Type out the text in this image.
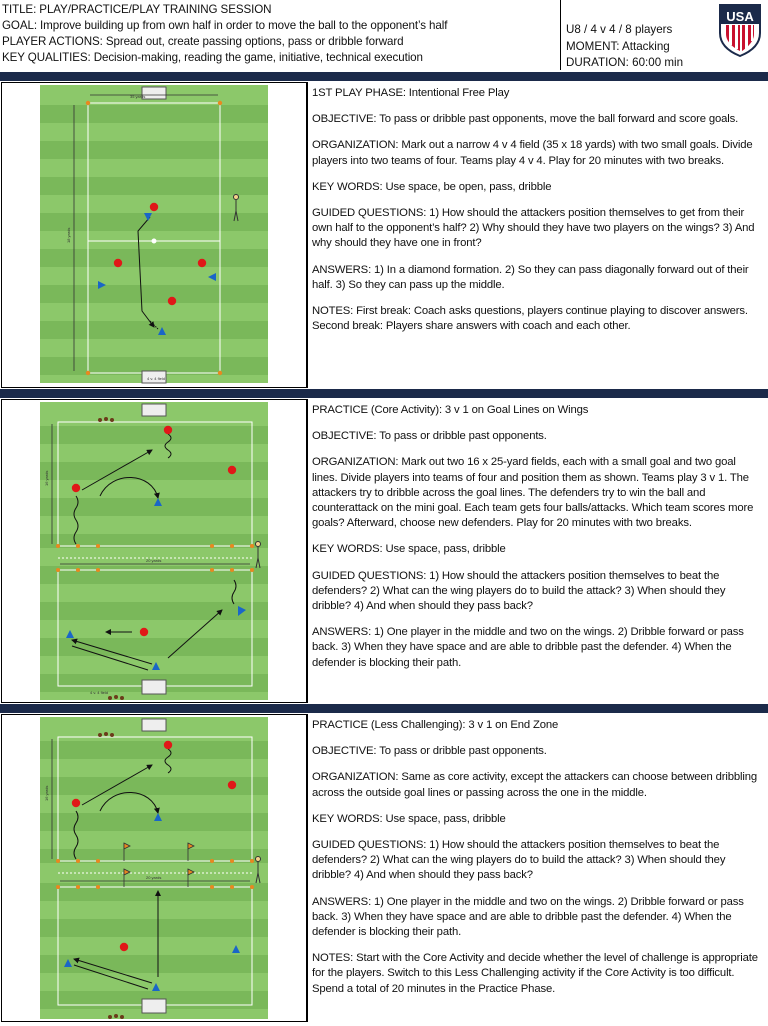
TITLE: PLAY/PRACTICE/PLAY TRAINING SESSION
GOAL: Improve building up from own half in order to move the ball to the opponent’s half
PLAYER ACTIONS: Spread out, create passing options, pass or dribble forward
KEY QUALITIES: Decision-making, reading the game, initiative, technical execution
U8 / 4 v 4 / 8 players
MOMENT: Attacking
DURATION: 60:00 min
USA
35 yards
18 yards
4 v. 4 field

1ST PLAY PHASE: Intentional Free Play

OBJECTIVE: To pass or dribble past opponents, move the ball forward and score goals.

ORGANIZATION: Mark out a narrow 4 v 4 field (35 x 18 yards) with two small goals. Divide players into two teams of four. Teams play 4 v 4. Play for 20 minutes with two breaks.

KEY WORDS: Use space, be open, pass, dribble

GUIDED QUESTIONS: 1) How should the attackers position themselves to get from their own half to the opponent’s half? 2) Why should they have two players on the wings? 3) And why should they have one in front?

ANSWERS: 1) In a diamond formation. 2) So they can pass diagonally forward out of their half. 3) So they can pass up the middle.

NOTES: First break: Coach asks questions, players continue playing to discover answers. Second break: Players share answers with coach and each other.

16 yards
20 yards
4 v. 4 field

PRACTICE (Core Activity): 3 v 1 on Goal Lines on Wings

OBJECTIVE: To pass or dribble past opponents.

ORGANIZATION: Mark out two 16 x 25-yard fields, each with a small goal and two goal lines. Divide players into teams of four and position them as shown. Teams play 3 v 1. The attackers try to dribble across the goal lines. The defenders try to win the ball and counterattack on the mini goal. Each team gets four balls/attacks. Which team scores more goals? Afterward, choose new defenders. Play for 20 minutes with two breaks.

KEY WORDS: Use space, pass, dribble

GUIDED QUESTIONS: 1) How should the attackers position themselves to beat the defenders? 2) What can the wing players do to build the attack? 3) When should they dribble? 4) And when should they pass back?

ANSWERS: 1) One player in the middle and two on the wings. 2) Dribble forward or pass back. 3) When they have space and are able to dribble past the defender. 4) When the defender is blocking their path.

16 yards
20 yards

PRACTICE (Less Challenging): 3 v 1 on End Zone

OBJECTIVE: To pass or dribble past opponents.

ORGANIZATION: Same as core activity, except the attackers can choose between dribbling across the outside goal lines or passing across the one in the middle.

KEY WORDS: Use space, pass, dribble

GUIDED QUESTIONS: 1) How should the attackers position themselves to beat the defenders? 2) What can the wing players do to build the attack? 3) When should they dribble? 4) And when should they pass back?

ANSWERS: 1) One player in the middle and two on the wings. 2) Dribble forward or pass back. 3) When they have space and are able to dribble past the defender. 4) When the defender is blocking their path.

NOTES: Start with the Core Activity and decide whether the level of challenge is appropriate for the players. Switch to this Less Challenging activity if the Core Activity is too difficult. Spend a total of 20 minutes in the Practice Phase.
